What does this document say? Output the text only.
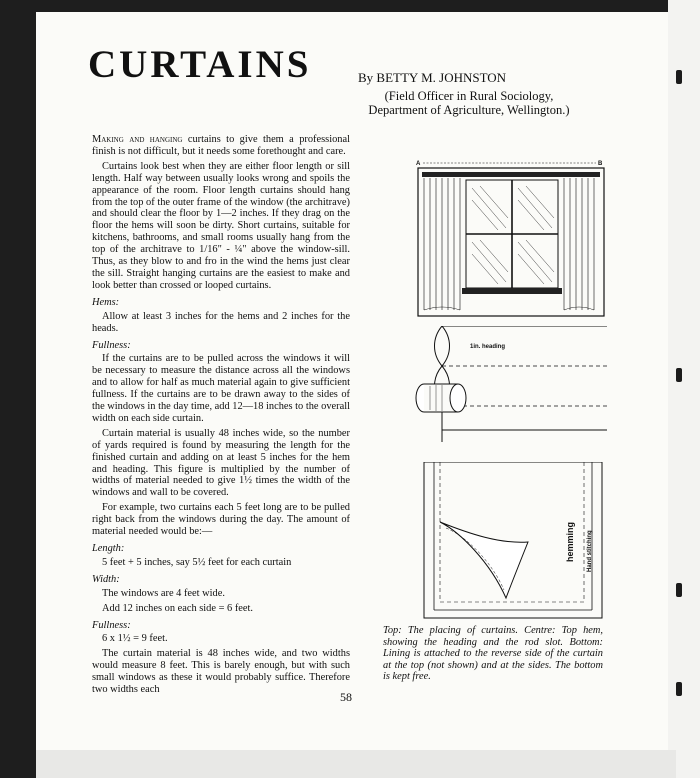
CURTAINS	By BETTY M. JOHNSTON
(Field Officer in Rural Sociology, Department of Agriculture, Wellington.)

Making and hanging curtains to give them a professional finish is not difficult, but it needs some forethought and care.

Curtains look best when they are either floor length or sill length. Half way between usually looks wrong and spoils the appearance of the room. Floor length curtains should hang from the top of the outer frame of the window (the architrave) and should clear the floor by 1—2 inches. If they drag on the floor the hems will soon be dirty. Short curtains, suitable for kitchens, bathrooms, and small rooms usually hang from the top of the architrave to 1/16" - ¼" above the window-sill. Thus, as they blow to and fro in the wind the hems just clear the sill. Straight hanging curtains are the easiest to make and look better than crossed or looped curtains.

Hems:

Allow at least 3 inches for the hems and 2 inches for the heads.

Fullness:

If the curtains are to be pulled across the windows it will be necessary to measure the distance across all the windows and to allow for half as much material again to give sufficient fullness. If the curtains are to be drawn away to the sides of the windows in the day time, add 12—18 inches to the overall width on each side curtain.

Curtain material is usually 48 inches wide, so the number of yards required is found by measuring the length for the finished curtain and adding on at least 5 inches for the hem and heading. This figure is multiplied by the number of widths of material needed to give 1½ times the width of the windows and wall to be covered.

For example, two curtains each 5 feet long are to be pulled right back from the windows during the day. The amount of material needed would be:—

Length:

5 feet + 5 inches, say 5½ feet for each curtain

Width:

The windows are 4 feet wide.

Add 12 inches on each side = 6 feet.

Fullness:

6 x 1½ = 9 feet.

The curtain material is 48 inches wide, and two widths would measure 8 feet. This is barely enough, but with such small windows as these it would probably suffice. Therefore two widths each

A	B
1in. heading
hemming Hand stitching
Top: The placing of curtains. Centre: Top hem, showing the heading and the rod slot. Bottom: Lining is attached to the reverse side of the curtain at the top (not shown) and at the sides. The bottom is kept free.
58
